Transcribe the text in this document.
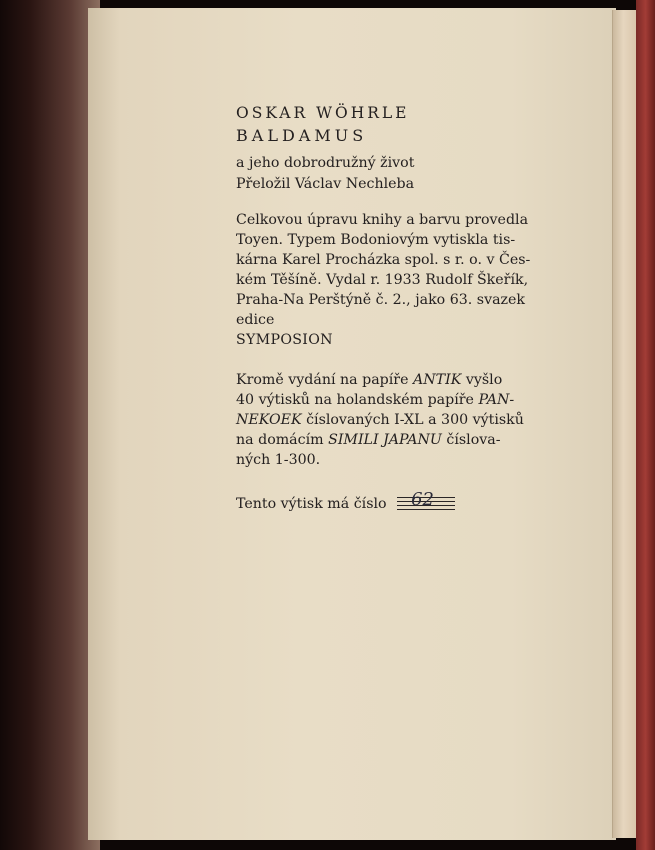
OSKAR WÖHRLE

BALDAMUS

a jeho dobrodružný život

Přeložil Václav Nechleba

Celkovou úpravu knihy a barvu provedla
Toyen. Typem Bodoniovým vytiskla tis-
kárna Karel Procházka spol. s r. o. v Čes-
kém Těšíně. Vydal r. 1933 Rudolf Škeřík,
Praha-Na Perštýně č. 2., jako 63. svazek
edice

SYMPOSION

Kromě vydání na papíře ANTIK vyšlo
40 výtisků na holandském papíře PAN-
NEKOEK číslovaných I-XL a 300 výtisků
na domácím SIMILI JAPANU číslova-
ných 1-300.

Tento výtisk má číslo 62
